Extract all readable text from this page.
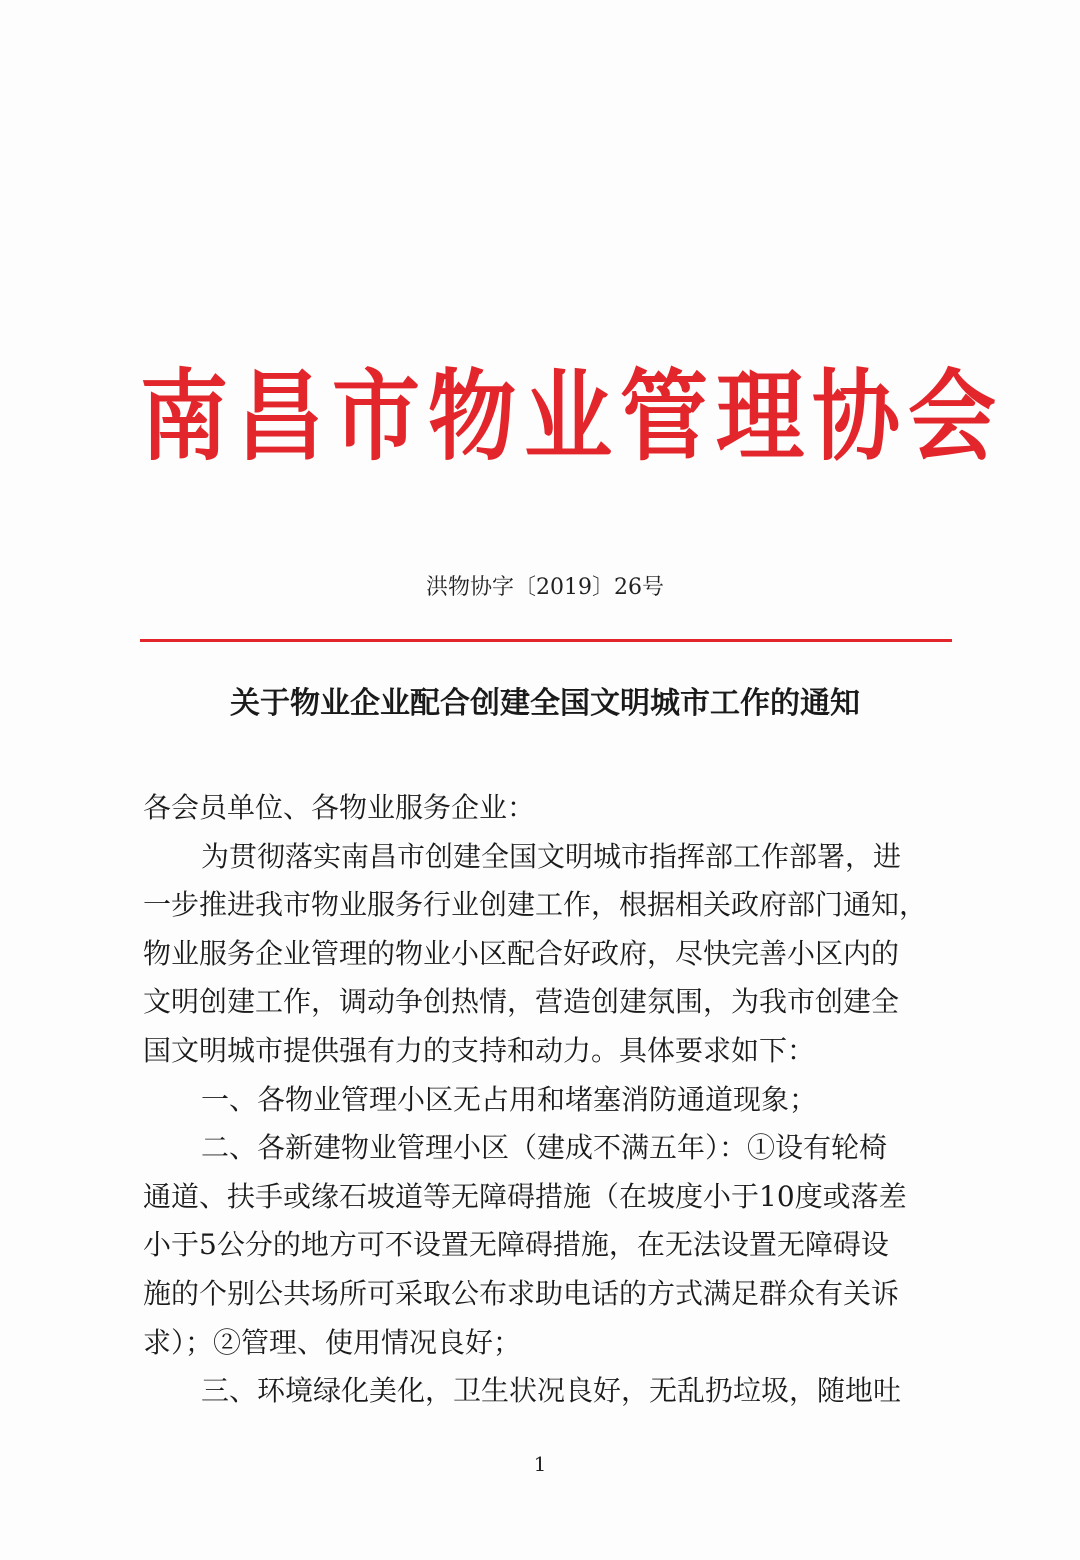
南昌市物业管理协会
洪物协字〔2019〕26号
关于物业企业配合创建全国文明城市工作的通知

各会员单位、各物业服务企业：

为贯彻落实南昌市创建全国文明城市指挥部工作部署，进

一步推进我市物业服务行业创建工作，根据相关政府部门通知，

物业服务企业管理的物业小区配合好政府，尽快完善小区内的

文明创建工作，调动争创热情，营造创建氛围，为我市创建全

国文明城市提供强有力的支持和动力。具体要求如下：

一、各物业管理小区无占用和堵塞消防通道现象；

二、各新建物业管理小区（建成不满五年）：①设有轮椅

通道、扶手或缘石坡道等无障碍措施（在坡度小于10度或落差

小于5公分的地方可不设置无障碍措施，在无法设置无障碍设

施的个别公共场所可采取公布求助电话的方式满足群众有关诉

求）；②管理、使用情况良好；

三、环境绿化美化，卫生状况良好，无乱扔垃圾，随地吐

1
